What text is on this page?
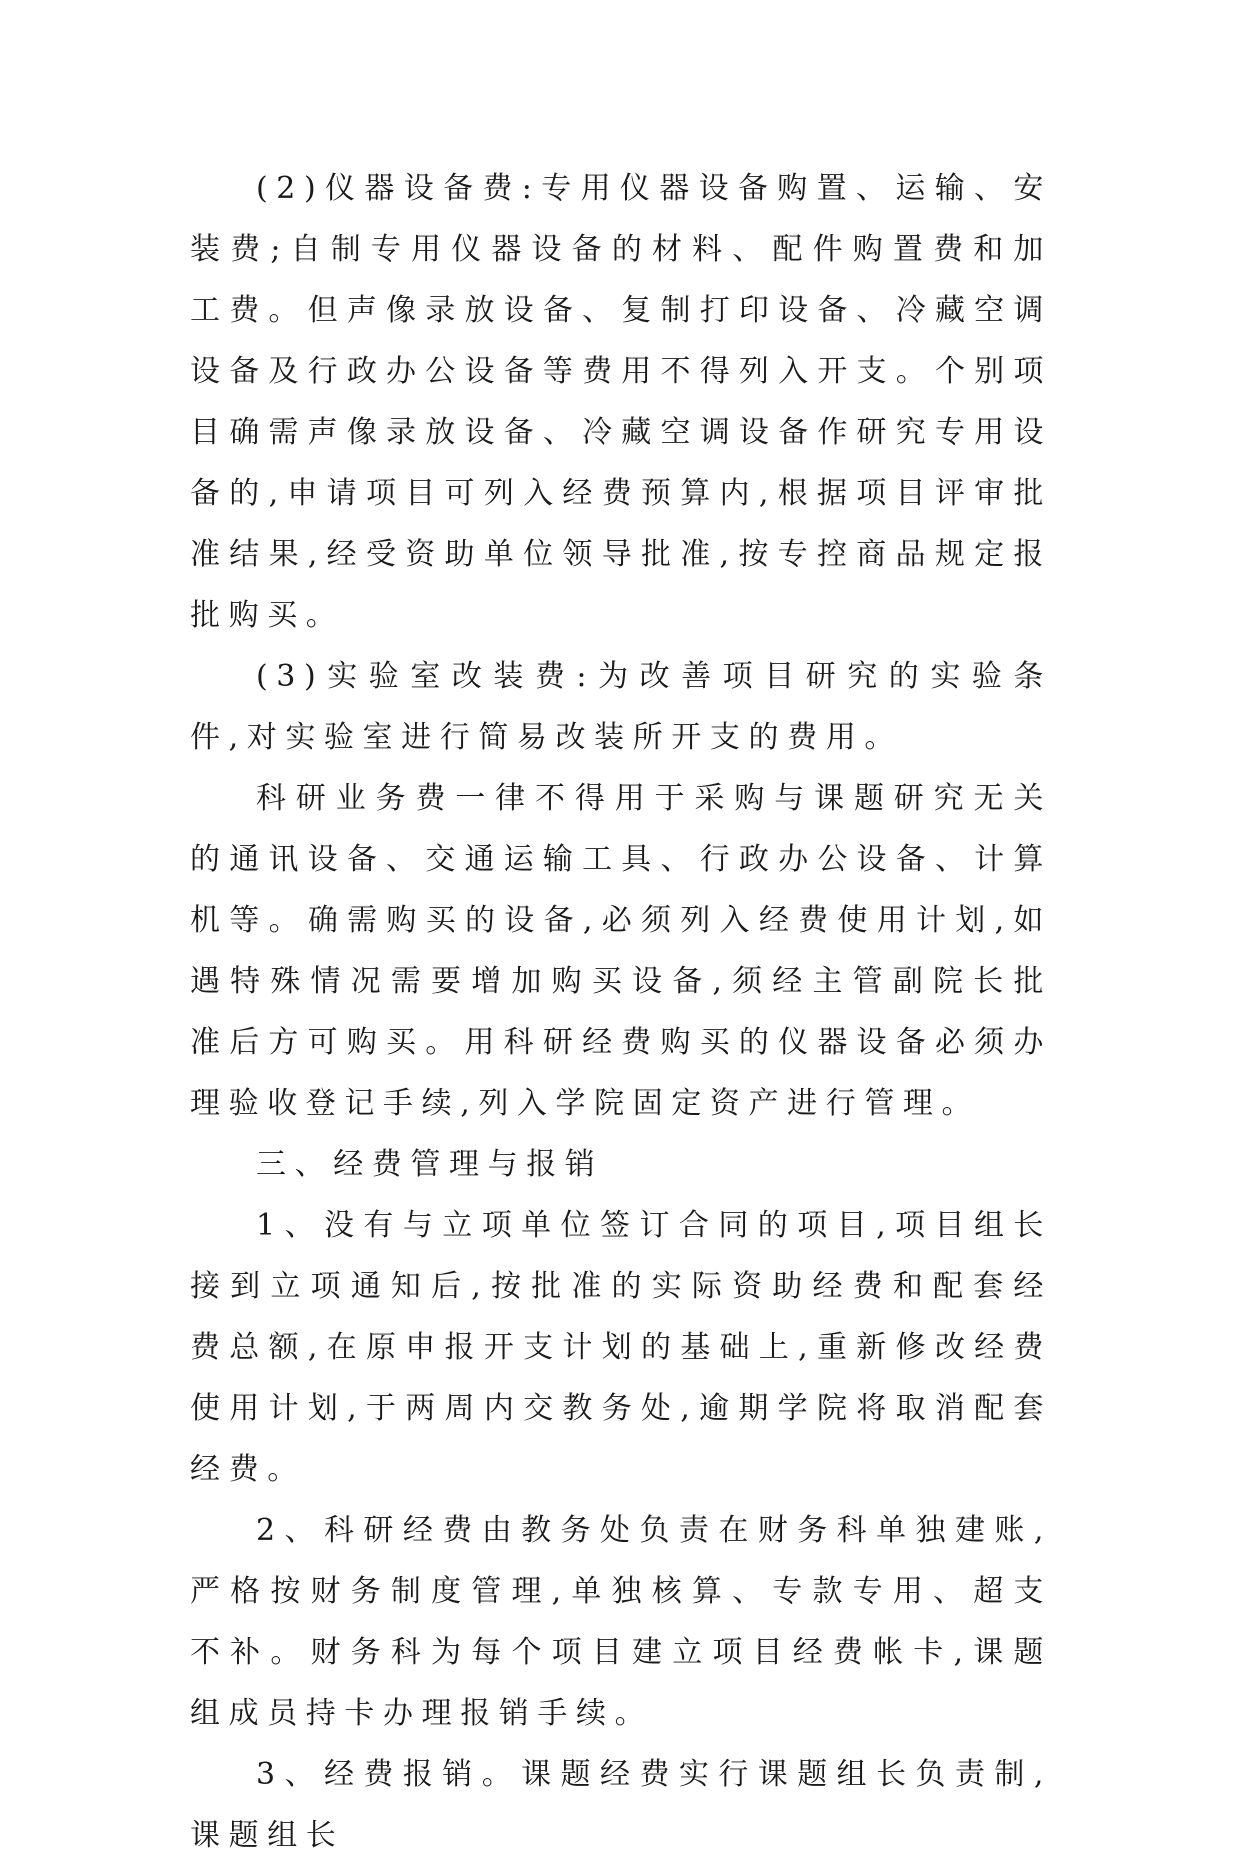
(2)仪器设备费:专用仪器设备购置、运输、安装费;自制专用仪器设备的材料、配件购置费和加工费。但声像录放设备、复制打印设备、冷藏空调设备及行政办公设备等费用不得列入开支。个别项目确需声像录放设备、冷藏空调设备作研究专用设备的,申请项目可列入经费预算内,根据项目评审批准结果,经受资助单位领导批准,按专控商品规定报批购买。

(3)实验室改装费:为改善项目研究的实验条件,对实验室进行简易改装所开支的费用。

科研业务费一律不得用于采购与课题研究无关的通讯设备、交通运输工具、行政办公设备、计算机等。确需购买的设备,必须列入经费使用计划,如遇特殊情况需要增加购买设备,须经主管副院长批准后方可购买。用科研经费购买的仪器设备必须办理验收登记手续,列入学院固定资产进行管理。

三、经费管理与报销

1、没有与立项单位签订合同的项目,项目组长接到立项通知后,按批准的实际资助经费和配套经费总额,在原申报开支计划的基础上,重新修改经费使用计划,于两周内交教务处,逾期学院将取消配套经费。

2、科研经费由教务处负责在财务科单独建账,严格按财务制度管理,单独核算、专款专用、超支不补。财务科为每个项目建立项目经费帐卡,课题组成员持卡办理报销手续。

3、经费报销。课题经费实行课题组长负责制,课题组长
